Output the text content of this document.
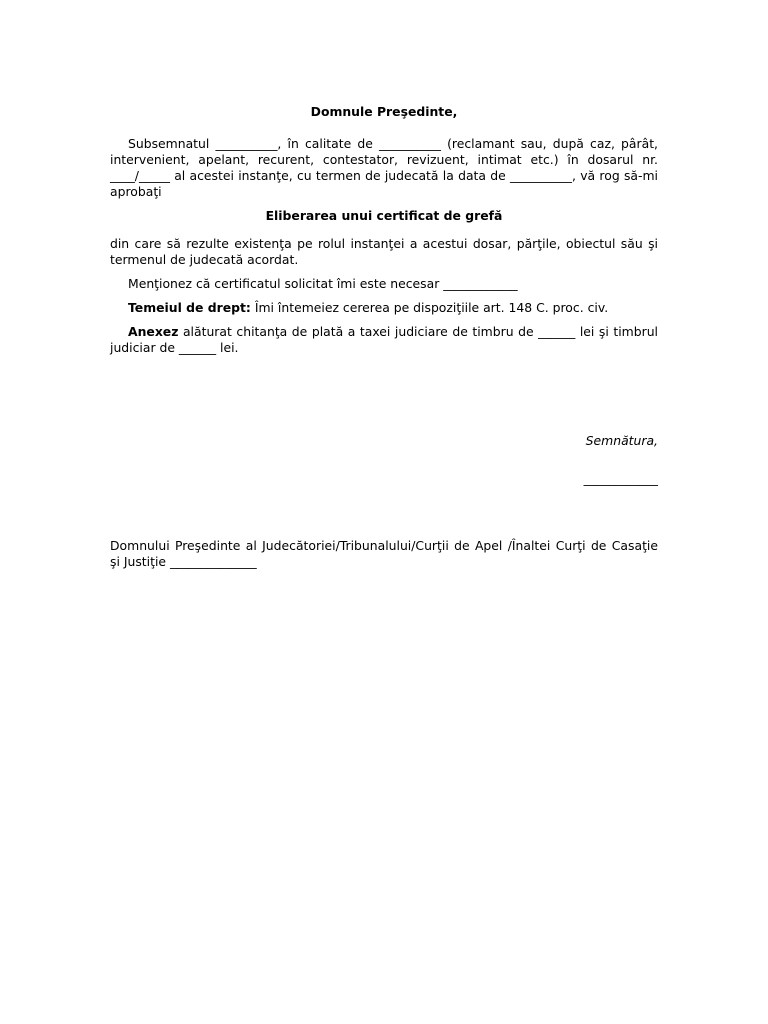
Domnule Preşedinte,

Subsemnatul __________, în calitate de __________ (reclamant sau, după caz, pârât, intervenient, apelant, recurent, contestator, revizuent, intimat etc.) în dosarul nr. ____/_____ al acestei instanţe, cu termen de judecată la data de __________, vă rog să-mi aprobaţi

Eliberarea unui certificat de grefă

din care să rezulte existenţa pe rolul instanţei a acestui dosar, părţile, obiectul său şi termenul de judecată acordat.

Menţionez că certificatul solicitat îmi este necesar ____________

Temeiul de drept: Îmi întemeiez cererea pe dispoziţiile art. 148 C. proc. civ.

Anexez alăturat chitanţa de plată a taxei judiciare de timbru de ______ lei şi timbrul judiciar de ______ lei.

Semnătura,
____________
Domnului Preşedinte al Judecătoriei/Tribunalului/Curţii de Apel /Înaltei Curţi de Casaţie şi Justiţie ______________
